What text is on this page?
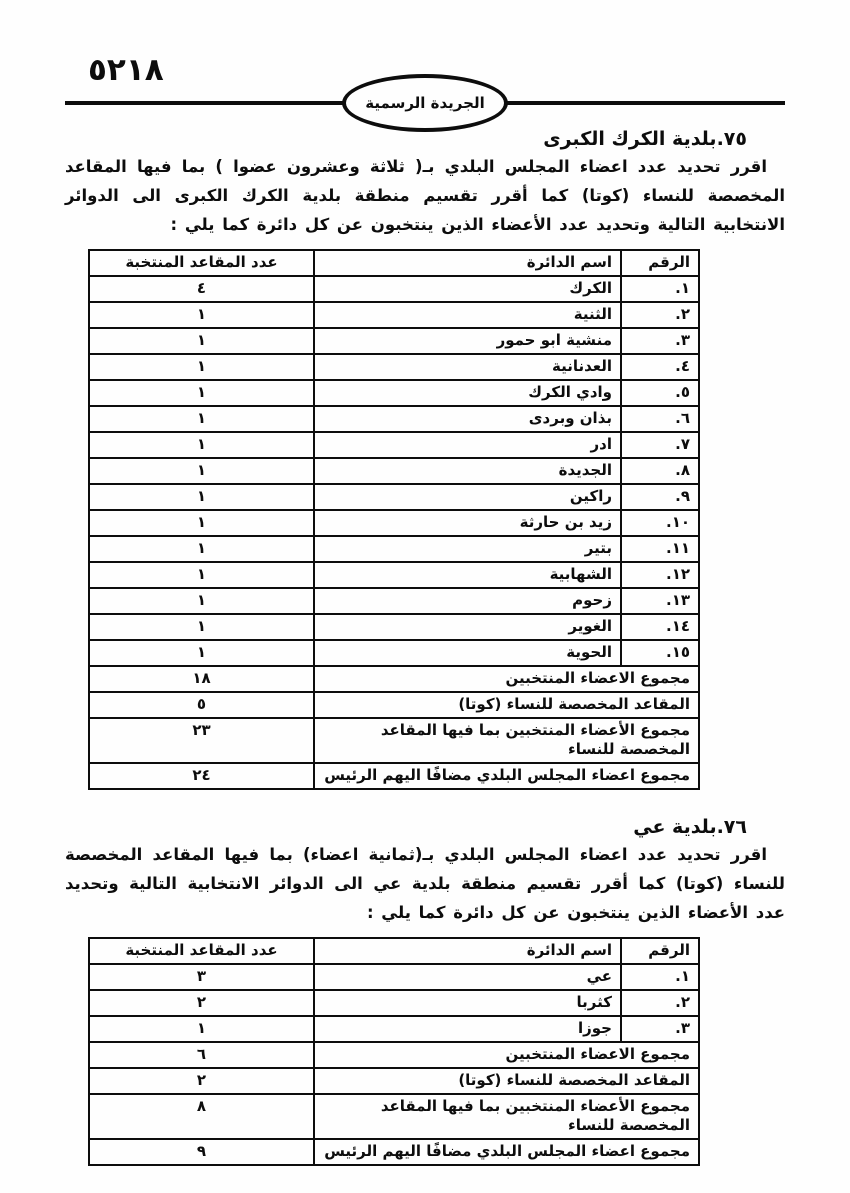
٥٢١٨
الجريدة الرسمية
٧٥.بلدية الكرك الكبرى

اقرر تحديد عدد اعضاء المجلس البلدي بـ( ثلاثة وعشرون عضوا ) بما فيها المقاعد المخصصة للنساء (كوتا) كما أقرر تقسيم منطقة بلدية الكرك الكبرى الى الدوائر الانتخابية التالية وتحديد عدد الأعضاء الذين ينتخبون عن كل دائرة كما يلي :

الرقم	اسم الدائرة	عدد المقاعد المنتخبة
١.	الكرك	٤
٢.	الثنية	١
٣.	منشية ابو حمور	١
٤.	العدنانية	١
٥.	وادي الكرك	١
٦.	بذان وبردى	١
٧.	ادر	١
٨.	الجديدة	١
٩.	راكين	١
١٠.	زيد بن حارثة	١
١١.	بتير	١
١٢.	الشهابية	١
١٣.	زحوم	١
١٤.	الغوير	١
١٥.	الحوية	١
مجموع الاعضاء المنتخبين		١٨
المقاعد المخصصة للنساء (كوتا)		٥
مجموع الأعضاء المنتخبين بما فيها المقاعد المخصصة للنساء		٢٣
مجموع اعضاء المجلس البلدي مضافًا اليهم الرئيس		٢٤
٧٦.بلدية عي

اقرر تحديد عدد اعضاء المجلس البلدي بـ(ثمانية اعضاء) بما فيها المقاعد المخصصة للنساء (كوتا) كما أقرر تقسيم منطقة بلدية عي الى الدوائر الانتخابية التالية وتحديد عدد الأعضاء الذين ينتخبون عن كل دائرة كما يلي :

الرقم	اسم الدائرة	عدد المقاعد المنتخبة
١.	عي	٣
٢.	كثربا	٢
٣.	جوزا	١
مجموع الاعضاء المنتخبين		٦
المقاعد المخصصة للنساء (كوتا)		٢
مجموع الأعضاء المنتخبين بما فيها المقاعد المخصصة للنساء		٨
مجموع اعضاء المجلس البلدي مضافًا اليهم الرئيس		٩
